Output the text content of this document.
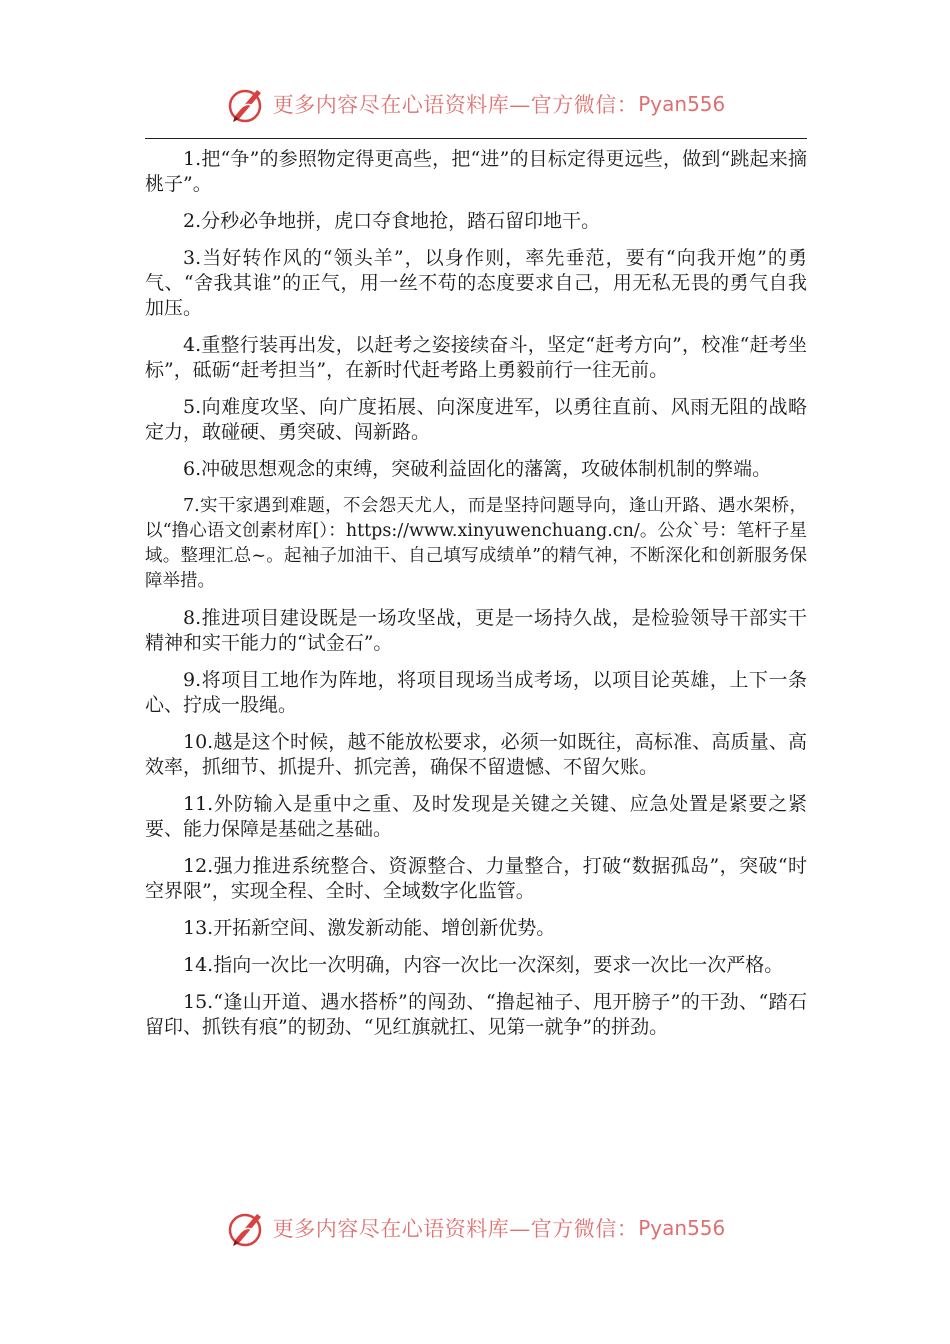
更多内容尽在心语资料库—官方微信： Pyan556

1.把“争”的参照物定得更高些，把“进”的目标定得更远些，做到“跳起来摘桃子”。

2.分秒必争地拼，虎口夺食地抢，踏石留印地干。

3.当好转作风的“领头羊”，以身作则，率先垂范，要有“向我开炮”的勇气、“舍我其谁”的正气，用一丝不苟的态度要求自己，用无私无畏的勇气自我加压。

4.重整行装再出发，以赶考之姿接续奋斗，坚定“赶考方向”，校准“赶考坐标”，砥砺“赶考担当”，在新时代赶考路上勇毅前行一往无前。

5.向难度攻坚、向广度拓展、向深度进军，以勇往直前、风雨无阻的战略定力，敢碰硬、勇突破、闯新路。

6.冲破思想观念的束缚，突破利益固化的藩篱，攻破体制机制的弊端。

7.实干家遇到难题，不会怨天尤人，而是坚持问题导向，逢山开路、遇水架桥，以“撸心语文创素材库[）：https://www.xinyuwenchuang.cn/。公众`号：笔杆子星域。整理汇总~。起袖子加油干、自己填写成绩单”的精气神，不断深化和创新服务保障举措。

8.推进项目建设既是一场攻坚战，更是一场持久战，是检验领导干部实干精神和实干能力的“试金石”。

9.将项目工地作为阵地，将项目现场当成考场，以项目论英雄，上下一条心、拧成一股绳。

10.越是这个时候，越不能放松要求，必须一如既往，高标准、高质量、高效率，抓细节、抓提升、抓完善，确保不留遗憾、不留欠账。

11.外防输入是重中之重、及时发现是关键之关键、应急处置是紧要之紧要、能力保障是基础之基础。

12.强力推进系统整合、资源整合、力量整合，打破“数据孤岛”，突破“时空界限”，实现全程、全时、全域数字化监管。

13.开拓新空间、激发新动能、增创新优势。

14.指向一次比一次明确，内容一次比一次深刻，要求一次比一次严格。

15.“逢山开道、遇水搭桥”的闯劲、“撸起袖子、甩开膀子”的干劲、“踏石留印、抓铁有痕”的韧劲、“见红旗就扛、见第一就争”的拼劲。

更多内容尽在心语资料库—官方微信： Pyan556
